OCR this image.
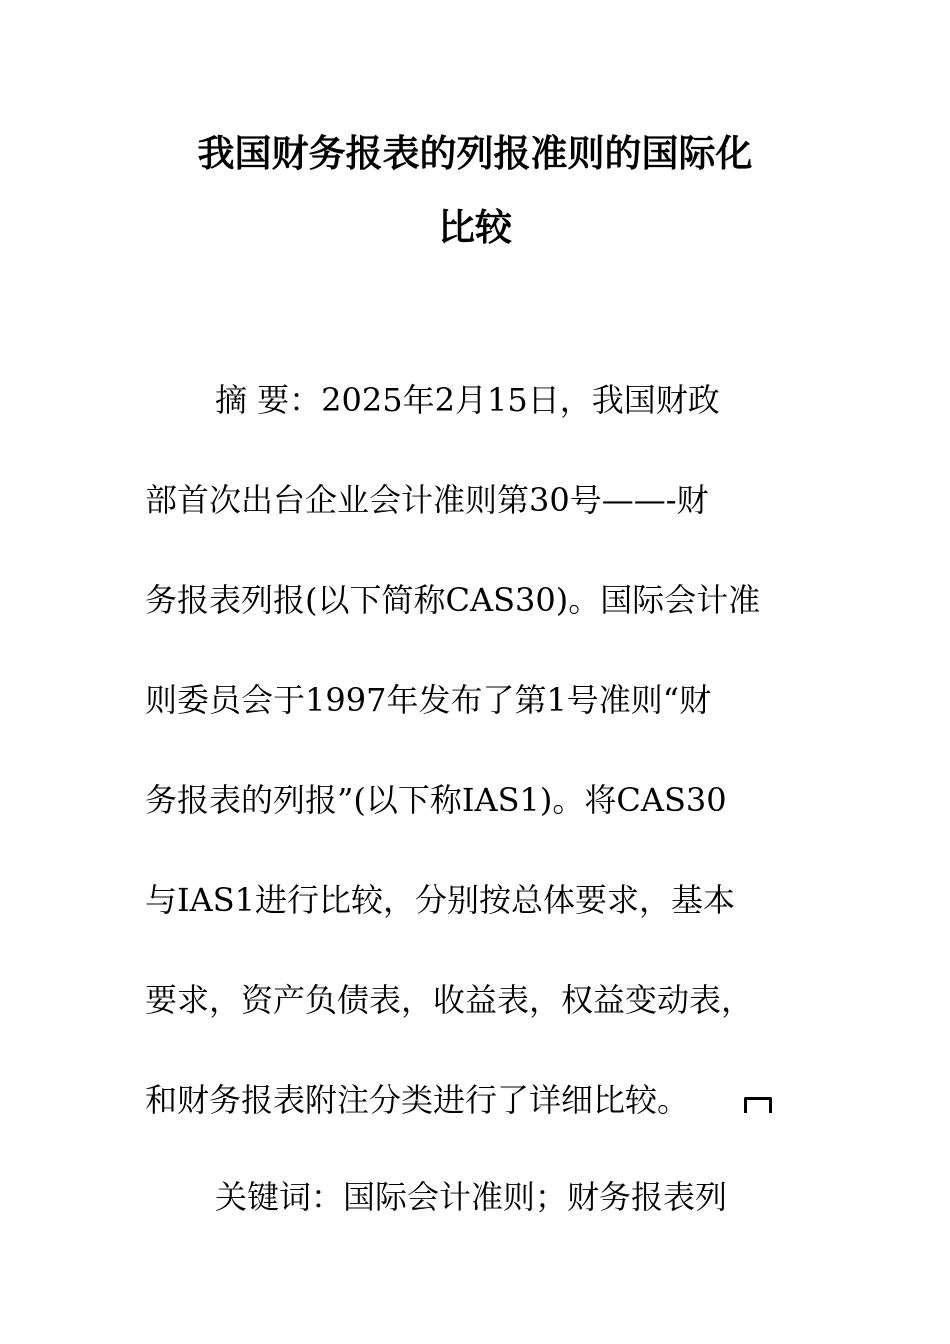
我国财务报表的列报准则的国际化
比较

摘 要：2025年2月15日，我国财政

部首次出台企业会计准则第30号——-财

务报表列报(以下简称CAS30)。国际会计准

则委员会于1997年发布了第1号准则“财

务报表的列报”(以下称IAS1)。将CAS30

与IAS1进行比较，分别按总体要求，基本

要求，资产负债表，收益表，权益变动表，

和财务报表附注分类进行了详细比较。

关键词：国际会计准则；财务报表列
